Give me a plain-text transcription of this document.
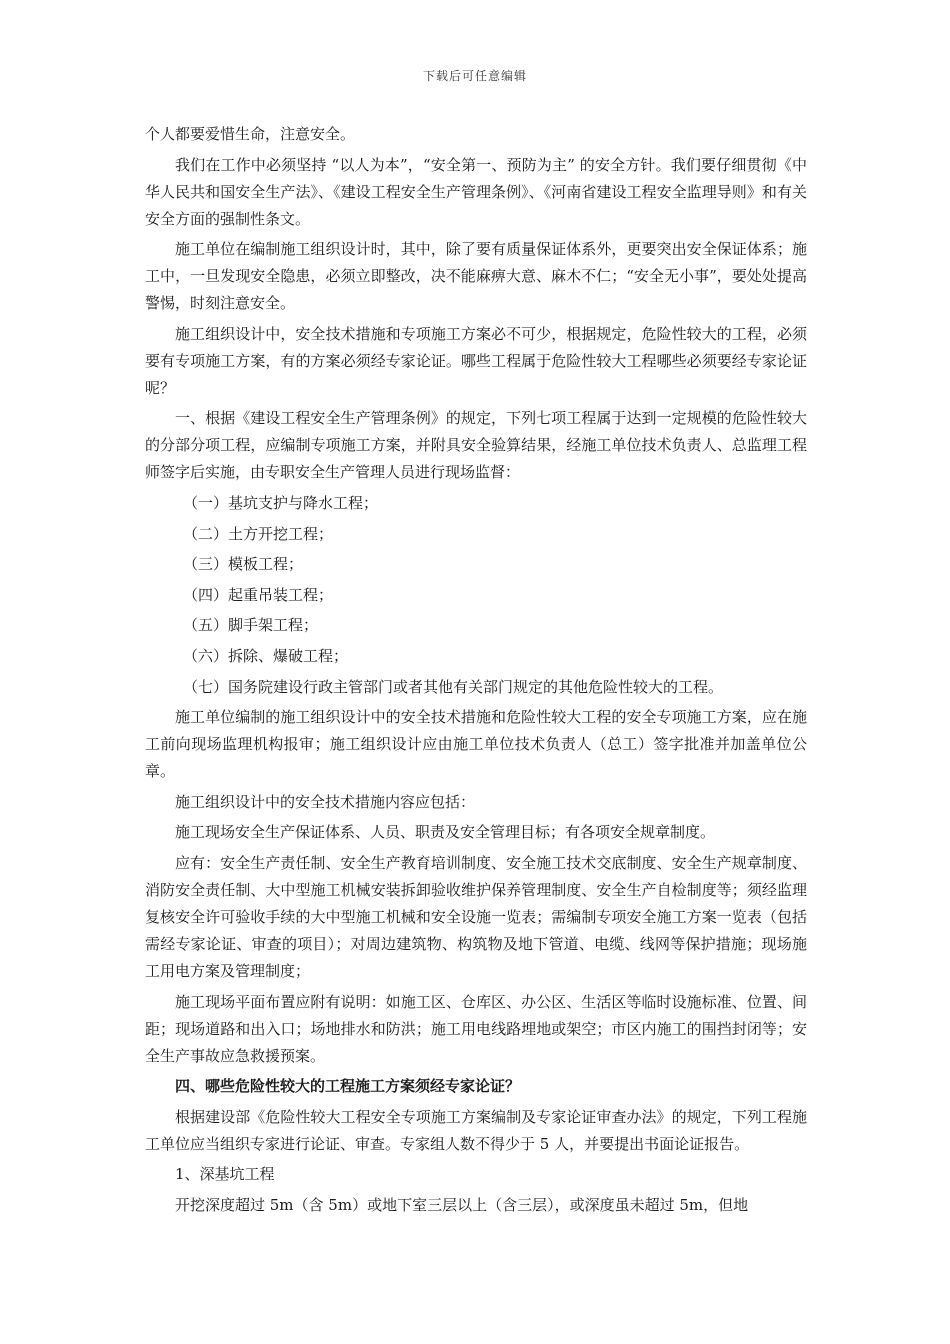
下载后可任意编辑

个人都要爱惜生命，注意安全。

我们在工作中必须坚持 “以人为本”，“安全第一、预防为主” 的安全方针。我们要仔细贯彻《中华人民共和国安全生产法》、《建设工程安全生产管理条例》、《河南省建设工程安全监理导则》和有关安全方面的强制性条文。

施工单位在编制施工组织设计时，其中，除了要有质量保证体系外，更要突出安全保证体系；施工中，一旦发现安全隐患，必须立即整改，决不能麻痹大意、麻木不仁；“安全无小事”，要处处提高警惕，时刻注意安全。

施工组织设计中，安全技术措施和专项施工方案必不可少，根据规定，危险性较大的工程，必须要有专项施工方案，有的方案必须经专家论证。哪些工程属于危险性较大工程哪些必须要经专家论证呢？

一、根据《建设工程安全生产管理条例》的规定，下列七项工程属于达到一定规模的危险性较大的分部分项工程，应编制专项施工方案，并附具安全验算结果，经施工单位技术负责人、总监理工程师签字后实施，由专职安全生产管理人员进行现场监督：

（一）基坑支护与降水工程；

（二）土方开挖工程；

（三）模板工程；

（四）起重吊装工程；

（五）脚手架工程；

（六）拆除、爆破工程；

（七）国务院建设行政主管部门或者其他有关部门规定的其他危险性较大的工程。

施工单位编制的施工组织设计中的安全技术措施和危险性较大工程的安全专项施工方案，应在施工前向现场监理机构报审；施工组织设计应由施工单位技术负责人（总工）签字批准并加盖单位公章。

施工组织设计中的安全技术措施内容应包括：

施工现场安全生产保证体系、人员、职责及安全管理目标；有各项安全规章制度。

应有：安全生产责任制、安全生产教育培训制度、安全施工技术交底制度、安全生产规章制度、消防安全责任制、大中型施工机械安装拆卸验收维护保养管理制度、安全生产自检制度等；须经监理复核安全许可验收手续的大中型施工机械和安全设施一览表；需编制专项安全施工方案一览表（包括需经专家论证、审查的项目）；对周边建筑物、构筑物及地下管道、电缆、线网等保护措施；现场施工用电方案及管理制度；

施工现场平面布置应附有说明：如施工区、仓库区、办公区、生活区等临时设施标准、位置、间距；现场道路和出入口；场地排水和防洪；施工用电线路埋地或架空；市区内施工的围挡封闭等；安全生产事故应急救援预案。

四、哪些危险性较大的工程施工方案须经专家论证？

根据建设部《危险性较大工程安全专项施工方案编制及专家论证审查办法》的规定，下列工程施工单位应当组织专家进行论证、审查。专家组人数不得少于 5 人，并要提出书面论证报告。

1、深基坑工程

开挖深度超过 5m（含 5m）或地下室三层以上（含三层），或深度虽未超过 5m，但地
